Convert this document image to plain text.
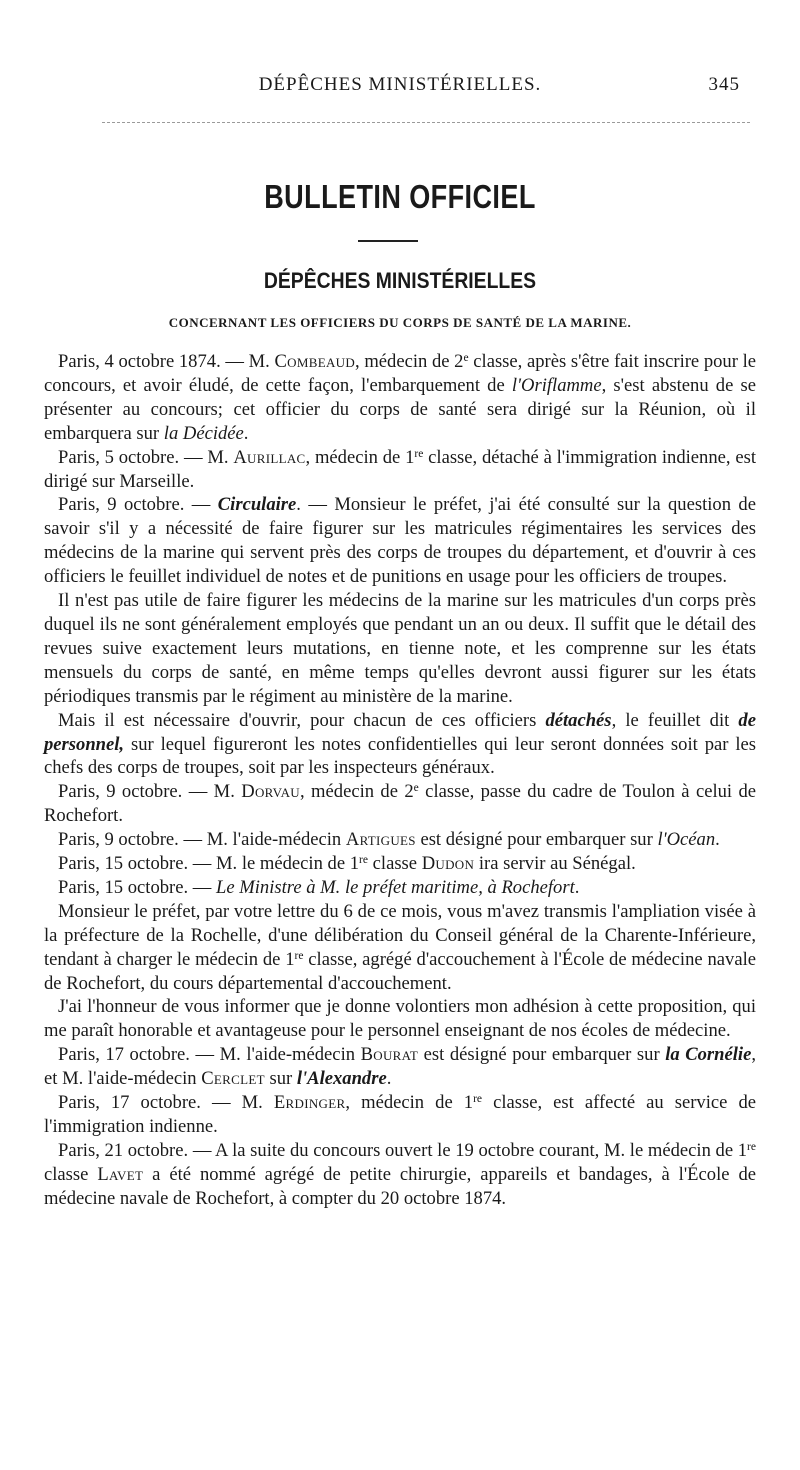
DÉPÊCHES MINISTÉRIELLES.	345
BULLETIN OFFICIEL
DÉPÊCHES MINISTÉRIELLES
CONCERNANT LES OFFICIERS DU CORPS DE SANTÉ DE LA MARINE.

Paris, 4 octobre 1874. — M. Combeaud, médecin de 2e classe, après s'être fait inscrire pour le concours, et avoir éludé, de cette façon, l'embarquement de l'Oriflamme, s'est abstenu de se présenter au concours; cet officier du corps de santé sera dirigé sur la Réunion, où il embarquera sur la Décidée.

Paris, 5 octobre. — M. Aurillac, médecin de 1re classe, détaché à l'immigration indienne, est dirigé sur Marseille.

Paris, 9 octobre. — Circulaire. — Monsieur le préfet, j'ai été consulté sur la question de savoir s'il y a nécessité de faire figurer sur les matricules régimentaires les services des médecins de la marine qui servent près des corps de troupes du département, et d'ouvrir à ces officiers le feuillet individuel de notes et de punitions en usage pour les officiers de troupes.

Il n'est pas utile de faire figurer les médecins de la marine sur les matricules d'un corps près duquel ils ne sont généralement employés que pendant un an ou deux. Il suffit que le détail des revues suive exactement leurs mutations, en tienne note, et les comprenne sur les états mensuels du corps de santé, en même temps qu'elles devront aussi figurer sur les états périodiques transmis par le régiment au ministère de la marine.

Mais il est nécessaire d'ouvrir, pour chacun de ces officiers détachés, le feuillet dit de personnel, sur lequel figureront les notes confidentielles qui leur seront données soit par les chefs des corps de troupes, soit par les inspecteurs généraux.

Paris, 9 octobre. — M. Dorvau, médecin de 2e classe, passe du cadre de Toulon à celui de Rochefort.

Paris, 9 octobre. — M. l'aide-médecin Artigues est désigné pour embarquer sur l'Océan.

Paris, 15 octobre. — M. le médecin de 1re classe Dudon ira servir au Sénégal.

Paris, 15 octobre. — Le Ministre à M. le préfet maritime, à Rochefort.

Monsieur le préfet, par votre lettre du 6 de ce mois, vous m'avez transmis l'ampliation visée à la préfecture de la Rochelle, d'une délibération du Conseil général de la Charente-Inférieure, tendant à charger le médecin de 1re classe, agrégé d'accouchement à l'École de médecine navale de Rochefort, du cours départemental d'accouchement.

J'ai l'honneur de vous informer que je donne volontiers mon adhésion à cette proposition, qui me paraît honorable et avantageuse pour le personnel enseignant de nos écoles de médecine.

Paris, 17 octobre. — M. l'aide-médecin Bourat est désigné pour embarquer sur la Cornélie, et M. l'aide-médecin Cerclet sur l'Alexandre.

Paris, 17 octobre. — M. Erdinger, médecin de 1re classe, est affecté au service de l'immigration indienne.

Paris, 21 octobre. — A la suite du concours ouvert le 19 octobre courant, M. le médecin de 1re classe Lavet a été nommé agrégé de petite chirurgie, appareils et bandages, à l'École de médecine navale de Rochefort, à compter du 20 octobre 1874.
